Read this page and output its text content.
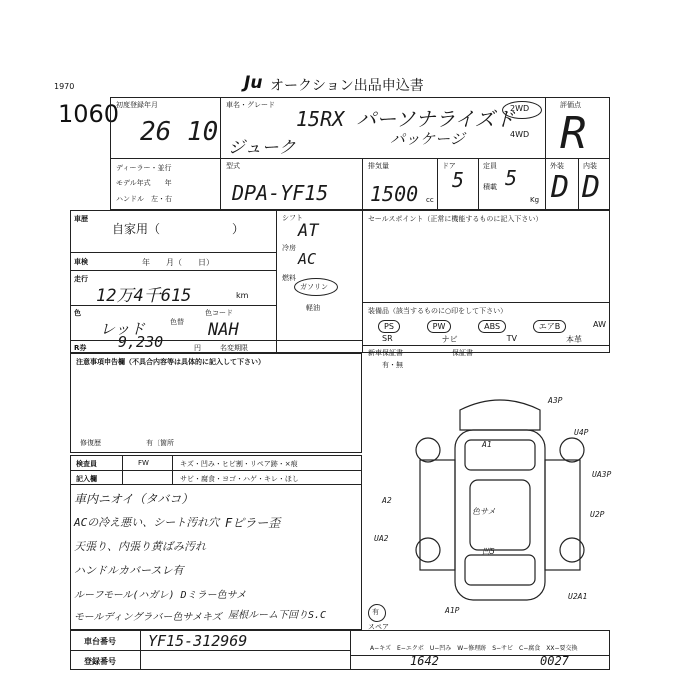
1970
1060
Ju オークション出品申込書
初度登録年月
26 10
車名・グレード
15RX パーソナライズド
ジューク	パッケージ
2WD
4WD
評価点
R
ディーラー・並行
モデル年式　　年
ハンドル　左・右
型式
DPA-YF15
排気量
1500 cc
ドア
5
定員 5
積載
Kg
外装	内装
D D
車歴
自家用（　　　　　　）
車検	年　　月（　　日）
走行
12万4千615	km
色
レッド	色替
色コード
NAH
R券 9,230	円	名変期限
シフト
AT
冷房
AC
燃料
ガソリン
軽油
セールスポイント（正常に機能するものに記入下さい）
装備品（該当するものに○印をして下さい）
PS	PW	ABS	エアB	AW
SR	ナビ	TV	本革
新車保証書
有・無
保証書
注意事項申告欄（不具合内容等は具体的に記入して下さい）
修復歴	有〔箇所
検査員
記入欄
FW	キズ・凹み・ヒビ割・リペア跡・×痕
サビ・腐食・ヨゴ・ハゲ・キレ・ほし
車内ニオイ（タバコ）
ACの冷え悪い、シート汚れ穴
天張り、内張り黄ばみ汚れ
ハンドルカバースレ有
ルーフモール(ハガレ) Dミラー色サメ
モールディングラバー色サメキズ
Fピラー歪
屋根ルーム下回りS.C
A1
A2
A1P
U4P
UA3P
U2P
UA2
U2A1
A3P
色サメ
凹5
有
スペア
車台番号 YF15-312969
登録番号
A−キズ　E−エクボ　U−凹み　W−修理跡　S−サビ　C−腐食　XX−要交換
1642	0027
